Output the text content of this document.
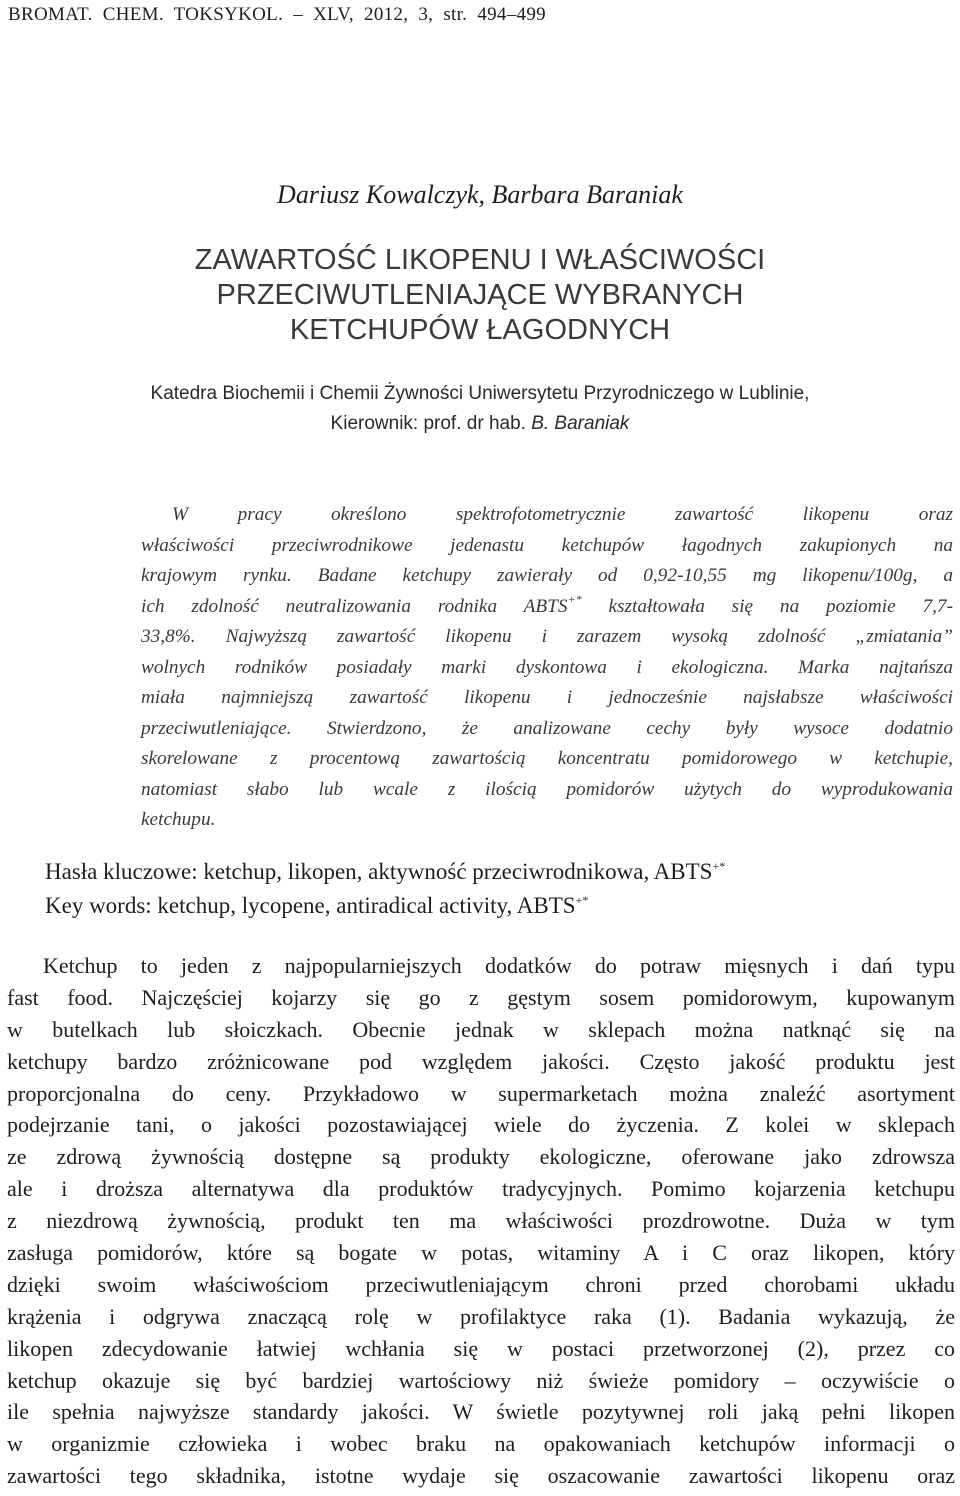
BROMAT.  CHEM.  TOKSYKOL.  –  XLV,  2012,  3,  str.  494–499
Dariusz Kowalczyk, Barbara Baraniak
ZAWARTOŚĆ LIKOPENU I WŁAŚCIWOŚCI
PRZECIWUTLENIAJĄCE WYBRANYCH
KETCHUPÓW ŁAGODNYCH
Katedra Biochemii i Chemii Żywności Uniwersytetu Przyrodniczego w Lublinie,
Kierownik: prof. dr hab. B. Baraniak
W pracy określono spektrofotometrycznie zawartość likopenu oraz
właściwości przeciwrodnikowe jedenastu ketchupów łagodnych zakupionych na
krajowym rynku. Badane ketchupy zawierały od 0,92-10,55 mg likopenu/100g, a
ich zdolność neutralizowania rodnika ABTS+* kształtowała się na poziomie 7,7-
33,8%. Najwyższą zawartość likopenu i zarazem wysoką zdolność „zmiatania”
wolnych rodników posiadały marki dyskontowa i ekologiczna. Marka najtańsza
miała najmniejszą zawartość likopenu i jednocześnie najsłabsze właściwości
przeciwutleniające. Stwierdzono, że analizowane cechy były wysoce dodatnio
skorelowane z procentową zawartością koncentratu pomidorowego w ketchupie,
natomiast słabo lub wcale z ilością pomidorów użytych do wyprodukowania
ketchupu.
Hasła kluczowe: ketchup, likopen, aktywność przeciwrodnikowa, ABTS+*
Key words: ketchup, lycopene, antiradical activity, ABTS+*
Ketchup to jeden z najpopularniejszych dodatków do potraw mięsnych i dań typu
fast food. Najczęściej kojarzy się go z gęstym sosem pomidorowym, kupowanym
w butelkach lub słoiczkach. Obecnie jednak w sklepach można natknąć się na
ketchupy bardzo zróżnicowane pod względem jakości. Często jakość produktu jest
proporcjonalna do ceny. Przykładowo w supermarketach można znaleźć asortyment
podejrzanie tani, o jakości pozostawiającej wiele do życzenia. Z kolei w sklepach
ze zdrową żywnością dostępne są produkty ekologiczne, oferowane jako zdrowsza
ale i droższa alternatywa dla produktów tradycyjnych. Pomimo kojarzenia ketchupu
z niezdrową żywnością, produkt ten ma właściwości prozdrowotne. Duża w tym
zasługa pomidorów, które są bogate w potas, witaminy A i C oraz likopen, który
dzięki swoim właściwościom przeciwutleniającym chroni przed chorobami układu
krążenia i odgrywa znaczącą rolę w profilaktyce raka (1). Badania wykazują, że
likopen zdecydowanie łatwiej wchłania się w postaci przetworzonej (2), przez co
ketchup okazuje się być bardziej wartościowy niż świeże pomidory – oczywiście o
ile spełnia najwyższe standardy jakości. W świetle pozytywnej roli jaką pełni likopen
w organizmie człowieka i wobec braku na opakowaniach ketchupów informacji o
zawartości tego składnika, istotne wydaje się oszacowanie zawartości likopenu oraz
